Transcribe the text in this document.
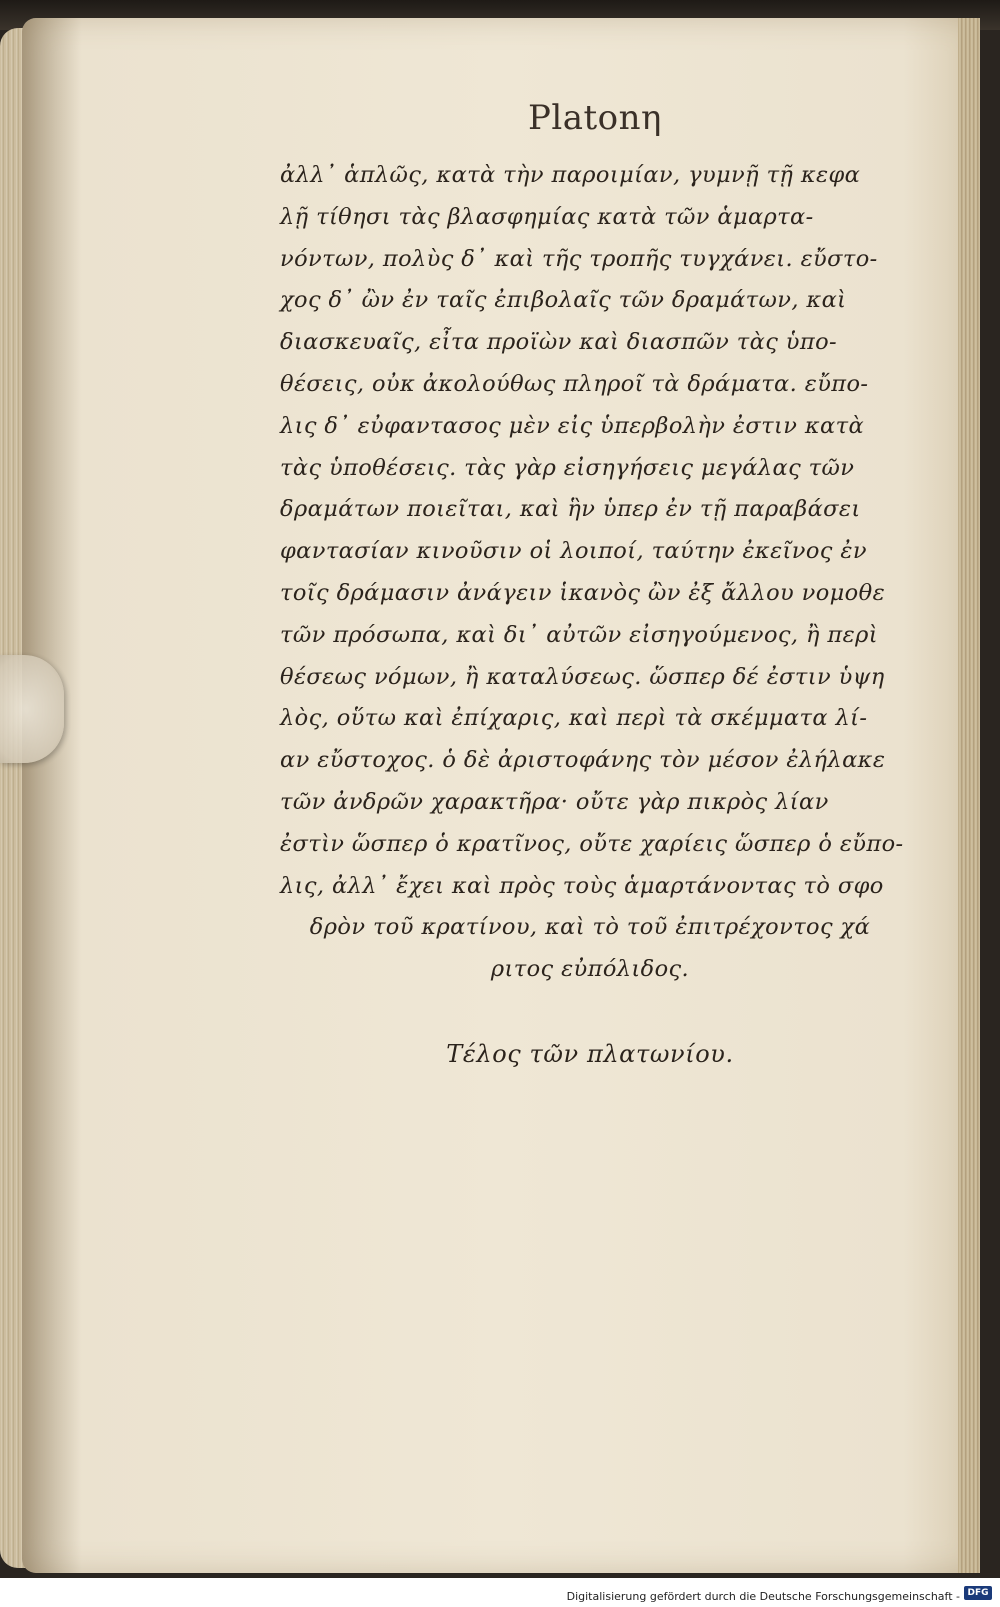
Platonη
ἀλλ᾽ ἁπλῶς, κατὰ τὴν παροιμίαν, γυμνῇ τῇ κεφα
λῇ τίθησι τὰς βλασφημίας κατὰ τῶν ἁμαρτα-
νόντων, πολὺς δ᾽ καὶ τῆς τροπῆς τυγχάνει. εὔστο-
χος δ᾽ ὢν ἐν ταῖς ἐπιβολαῖς τῶν δραμάτων, καὶ
διασκευαῖς, εἶτα προϊὼν καὶ διασπῶν τὰς ὑπο-
θέσεις, οὐκ ἀκολούθως πληροῖ τὰ δράματα. εὔπο-
λις δ᾽ εὐφαντασος μὲν εἰς ὑπερβολὴν ἐστιν κατὰ
τὰς ὑποθέσεις. τὰς γὰρ εἰσηγήσεις μεγάλας τῶν
δραμάτων ποιεῖται, καὶ ἣν ὑπερ ἐν τῇ παραβάσει
φαντασίαν κινοῦσιν οἱ λοιποί, ταύτην ἐκεῖνος ἐν
τοῖς δράμασιν ἀνάγειν ἱκανὸς ὢν ἐξ ἄλλου νομοθε
τῶν πρόσωπα, καὶ δι᾽ αὐτῶν εἰσηγούμενος, ἢ περὶ
θέσεως νόμων, ἢ καταλύσεως. ὥσπερ δέ ἐστιν ὑψη
λὸς, οὕτω καὶ ἐπίχαρις, καὶ περὶ τὰ σκέμματα λί-
αν εὔστοχος. ὁ δὲ ἀριστοφάνης τὸν μέσον ἐλήλακε
τῶν ἀνδρῶν χαρακτῆρα· οὔτε γὰρ πικρὸς λίαν
ἐστὶν ὥσπερ ὁ κρατῖνος, οὔτε χαρίεις ὥσπερ ὁ εὔπο-
λις, ἀλλ᾽ ἔχει καὶ πρὸς τοὺς ἁμαρτάνοντας τὸ σφο
δρὸν τοῦ κρατίνου, καὶ τὸ τοῦ ἐπιτρέχοντος χά
ριτος εὐπόλιδος.
Τέλος τῶν πλατωνίου.
Digitalisierung gefördert durch die Deutsche Forschungsgemeinschaft - DFG
